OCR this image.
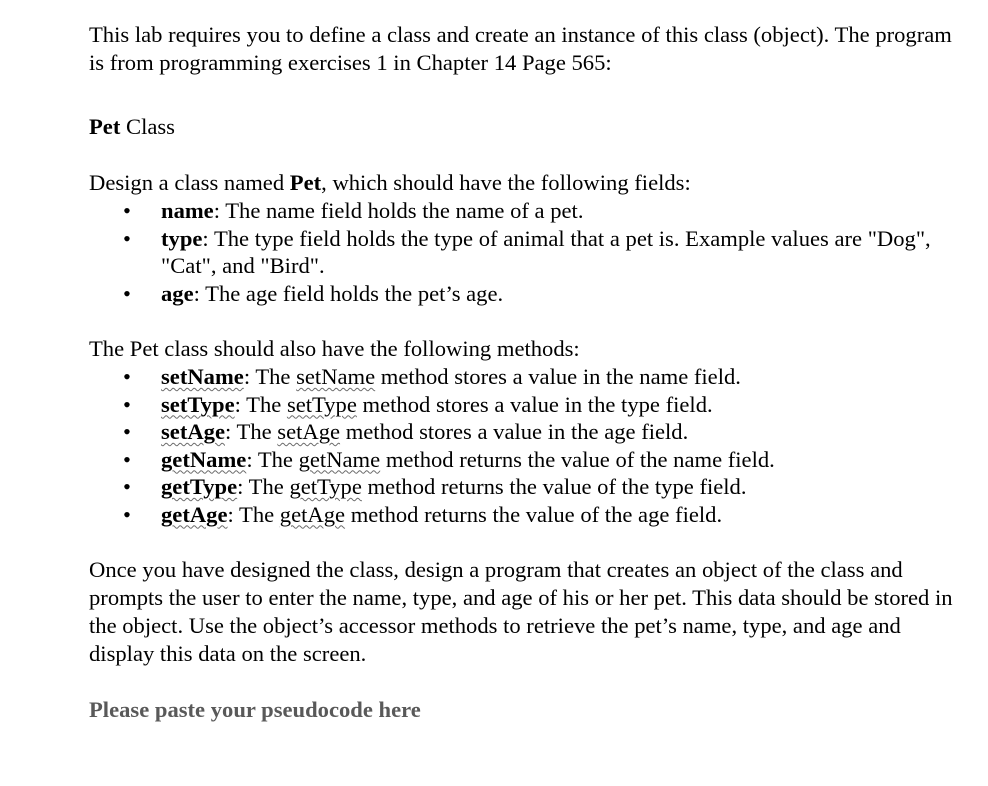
This lab requires you to define a class and create an instance of this class (object). The program is from programming exercises 1 in Chapter 14 Page 565:

Pet Class

Design a class named Pet, which should have the following fields:

• name: The name field holds the name of a pet.
• type: The type field holds the type of animal that a pet is. Example values are "Dog", "Cat", and "Bird".
• age: The age field holds the pet’s age.

The Pet class should also have the following methods:

• setName: The setName method stores a value in the name field.
• setType: The setType method stores a value in the type field.
• setAge: The setAge method stores a value in the age field.
• getName: The getName method returns the value of the name field.
• getType: The getType method returns the value of the type field.
• getAge: The getAge method returns the value of the age field.

Once you have designed the class, design a program that creates an object of the class and prompts the user to enter the name, type, and age of his or her pet. This data should be stored in the object. Use the object’s accessor methods to retrieve the pet’s name, type, and age and display this data on the screen.

Please paste your pseudocode here
